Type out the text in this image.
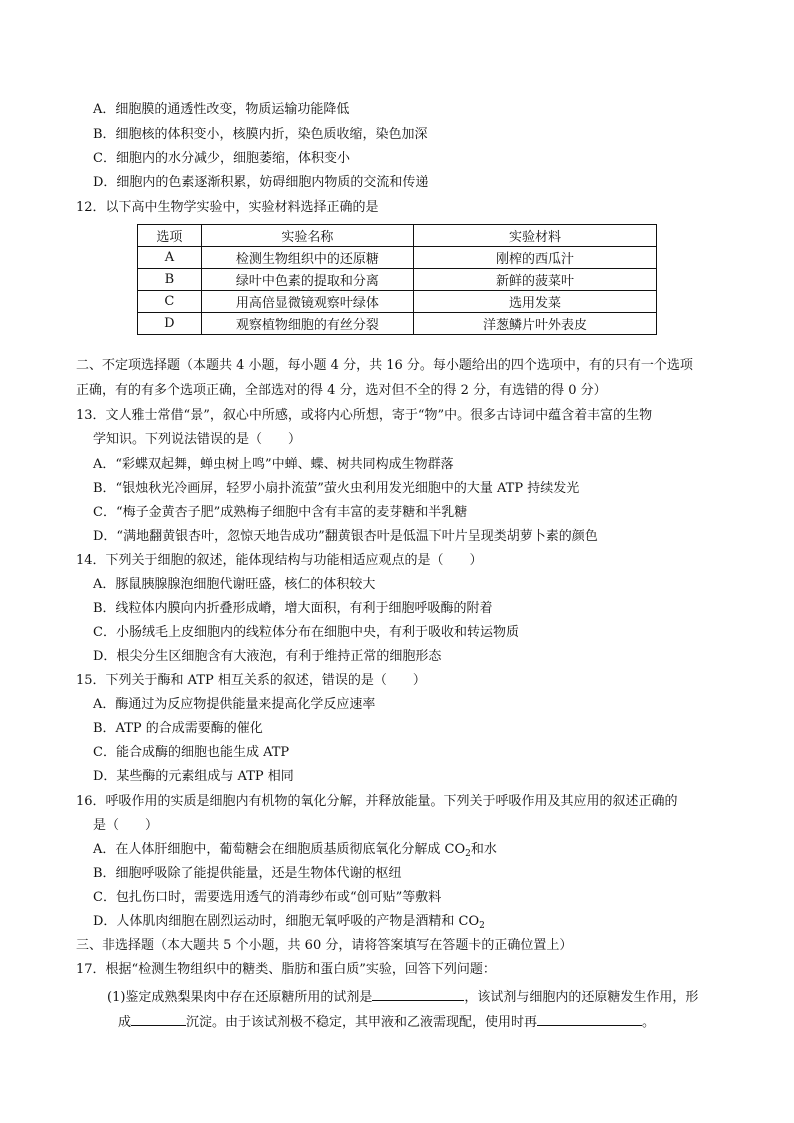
A．细胞膜的通透性改变，物质运输功能降低
B．细胞核的体积变小，核膜内折，染色质收缩，染色加深
C．细胞内的水分减少，细胞萎缩，体积变小
D．细胞内的色素逐渐积累，妨碍细胞内物质的交流和传递
12．以下高中生物学实验中，实验材料选择正确的是
选项	实验名称	实验材料
A	检测生物组织中的还原糖	刚榨的西瓜汁
B	绿叶中色素的提取和分离	新鲜的菠菜叶
C	用高倍显微镜观察叶绿体	选用发菜
D	观察植物细胞的有丝分裂	洋葱鳞片叶外表皮
二、不定项选择题（本题共 4 小题，每小题 4 分，共 16 分。每小题给出的四个选项中，有的只有一个选项
正确，有的有多个选项正确，全部选对的得 4 分，选对但不全的得 2 分，有选错的得 0 分）
13．文人雅士常借“景”，叙心中所感，或将内心所想，寄于“物”中。很多古诗词中蕴含着丰富的生物
学知识。下列说法错误的是（　　）
A．“彩蝶双起舞，蝉虫树上鸣”中蝉、蝶、树共同构成生物群落
B．“银烛秋光冷画屏，轻罗小扇扑流萤”萤火虫利用发光细胞中的大量 ATP 持续发光
C．“梅子金黄杏子肥”成熟梅子细胞中含有丰富的麦芽糖和半乳糖
D．“满地翻黄银杏叶，忽惊天地告成功”翻黄银杏叶是低温下叶片呈现类胡萝卜素的颜色
14．下列关于细胞的叙述，能体现结构与功能相适应观点的是（　　）
A．豚鼠胰腺腺泡细胞代谢旺盛，核仁的体积较大
B．线粒体内膜向内折叠形成嵴，增大面积，有利于细胞呼吸酶的附着
C．小肠绒毛上皮细胞内的线粒体分布在细胞中央，有利于吸收和转运物质
D．根尖分生区细胞含有大液泡，有利于维持正常的细胞形态
15．下列关于酶和 ATP 相互关系的叙述，错误的是（　　）
A．酶通过为反应物提供能量来提高化学反应速率
B．ATP 的合成需要酶的催化
C．能合成酶的细胞也能生成 ATP
D．某些酶的元素组成与 ATP 相同
16．呼吸作用的实质是细胞内有机物的氧化分解，并释放能量。下列关于呼吸作用及其应用的叙述正确的
是（　　）
A．在人体肝细胞中，葡萄糖会在细胞质基质彻底氧化分解成 $CO_2$和水
B．细胞呼吸除了能提供能量，还是生物体代谢的枢纽
C．包扎伤口时，需要选用透气的消毒纱布或“创可贴”等敷料
D．人体肌肉细胞在剧烈运动时，细胞无氧呼吸的产物是酒精和 $CO_2$
三、非选择题（本大题共 5 个小题，共 60 分，请将答案填写在答题卡的正确位置上）
17．根据“检测生物组织中的糖类、脂肪和蛋白质”实验，回答下列问题：
(1)鉴定成熟梨果肉中存在还原糖所用的试剂是	，该试剂与细胞内的还原糖发生作用，形
成	沉淀。由于该试剂极不稳定，其甲液和乙液需现配，使用时再	。
